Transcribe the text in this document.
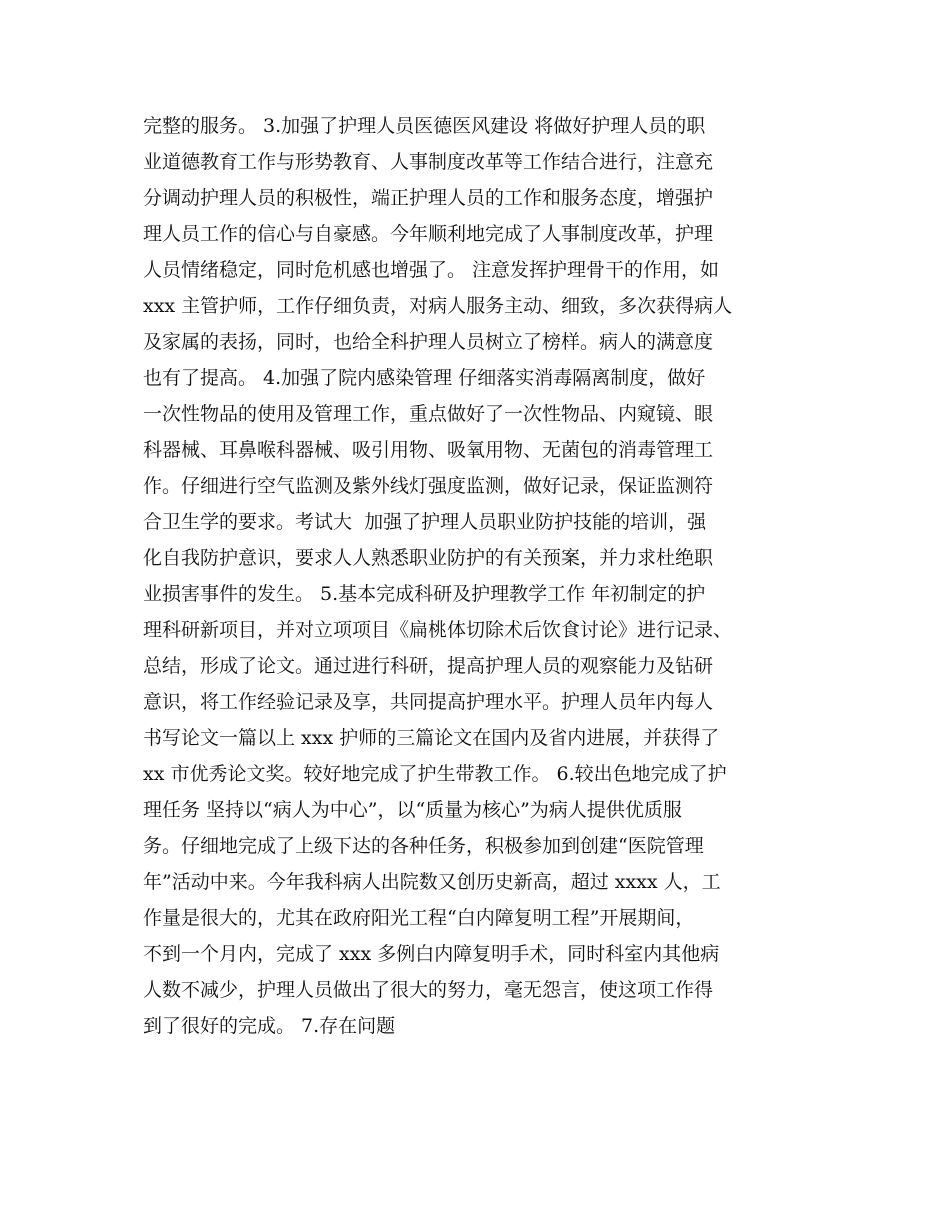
完整的服务。 3.加强了护理人员医德医风建设 将做好护理人员的职
业道德教育工作与形势教育、人事制度改革等工作结合进行，注意充
分调动护理人员的积极性，端正护理人员的工作和服务态度，增强护
理人员工作的信心与自豪感。今年顺利地完成了人事制度改革，护理
人员情绪稳定，同时危机感也增强了。 注意发挥护理骨干的作用，如
xxx 主管护师，工作仔细负责，对病人服务主动、细致，多次获得病人
及家属的表扬，同时，也给全科护理人员树立了榜样。病人的满意度
也有了提高。 4.加强了院内感染管理 仔细落实消毒隔离制度，做好
一次性物品的使用及管理工作，重点做好了一次性物品、内窥镜、眼
科器械、耳鼻喉科器械、吸引用物、吸氧用物、无菌包的消毒管理工
作。仔细进行空气监测及紫外线灯强度监测，做好记录，保证监测符
合卫生学的要求。考试大  加强了护理人员职业防护技能的培训，强
化自我防护意识，要求人人熟悉职业防护的有关预案，并力求杜绝职
业损害事件的发生。 5.基本完成科研及护理教学工作 年初制定的护
理科研新项目，并对立项项目《扁桃体切除术后饮食讨论》进行记录、
总结，形成了论文。通过进行科研，提高护理人员的观察能力及钻研
意识，将工作经验记录及享，共同提高护理水平。护理人员年内每人
书写论文一篇以上 xxx 护师的三篇论文在国内及省内进展，并获得了
xx 市优秀论文奖。较好地完成了护生带教工作。 6.较出色地完成了护
理任务 坚持以“病人为中心”，以“质量为核心”为病人提供优质服
务。仔细地完成了上级下达的各种任务，积极参加到创建“医院管理
年”活动中来。今年我科病人出院数又创历史新高，超过 xxxx 人，工
作量是很大的，尤其在政府阳光工程“白内障复明工程”开展期间，
不到一个月内，完成了 xxx 多例白内障复明手术，同时科室内其他病
人数不减少，护理人员做出了很大的努力，毫无怨言，使这项工作得
到了很好的完成。 7.存在问题
